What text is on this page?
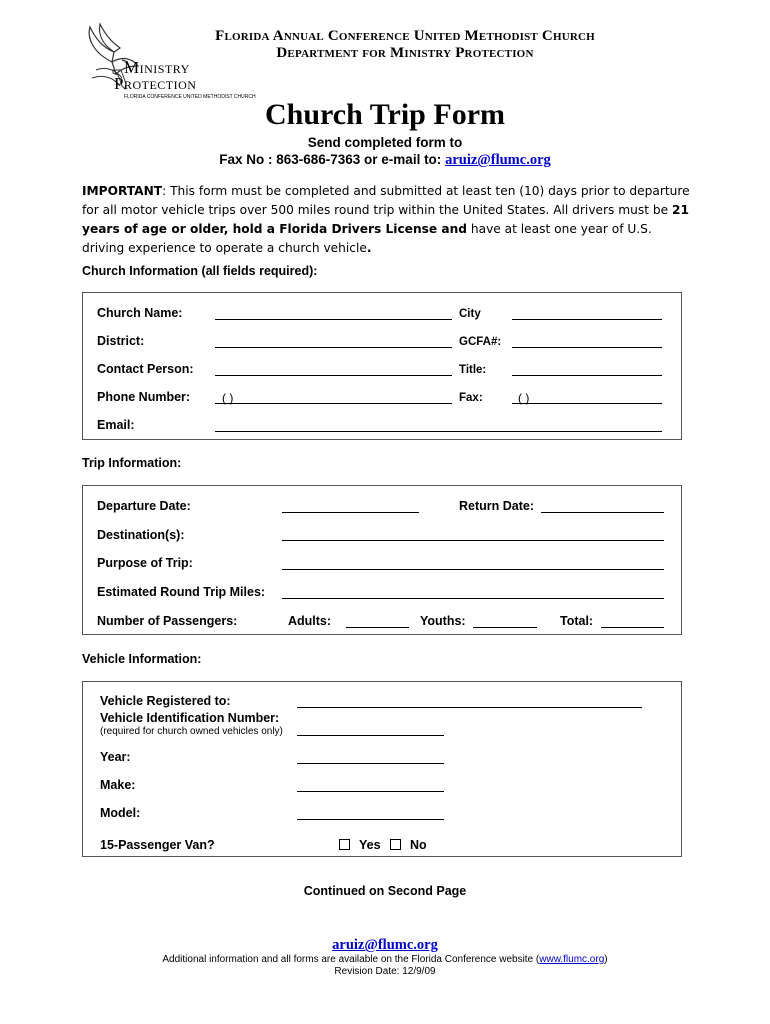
Florida Annual Conference United Methodist Church
Department for Ministry Protection
Ministry
Protection
FLORIDA CONFERENCE UNITED METHODIST CHURCH
Church Trip Form
Send completed form to
Fax No : 863-686-7363 or e-mail to: aruiz@flumc.org
IMPORTANT: This form must be completed and submitted at least ten (10) days prior to departure for all motor vehicle trips over 500 miles round trip within the United States. All drivers must be 21 years of age or older, hold a Florida Drivers License and have at least one year of U.S. driving experience to operate a church vehicle.
Church Information (all fields required):
Church Name:	City
District:	GCFA#:
Contact Person:	Title:
Phone Number:	( )	Fax:	( )
Email:
Trip Information:
Departure Date:	Return Date:
Destination(s):
Purpose of Trip:
Estimated Round Trip Miles:
Number of Passengers:	Adults:	Youths:	Total:
Vehicle Information:
Vehicle Registered to:
Vehicle Identification Number:
(required for church owned vehicles only)
Year:
Make:
Model:
15-Passenger Van?	Yes No
Continued on Second Page
aruiz@flumc.org
Additional information and all forms are available on the Florida Conference website (www.flumc.org)
Revision Date: 12/9/09
